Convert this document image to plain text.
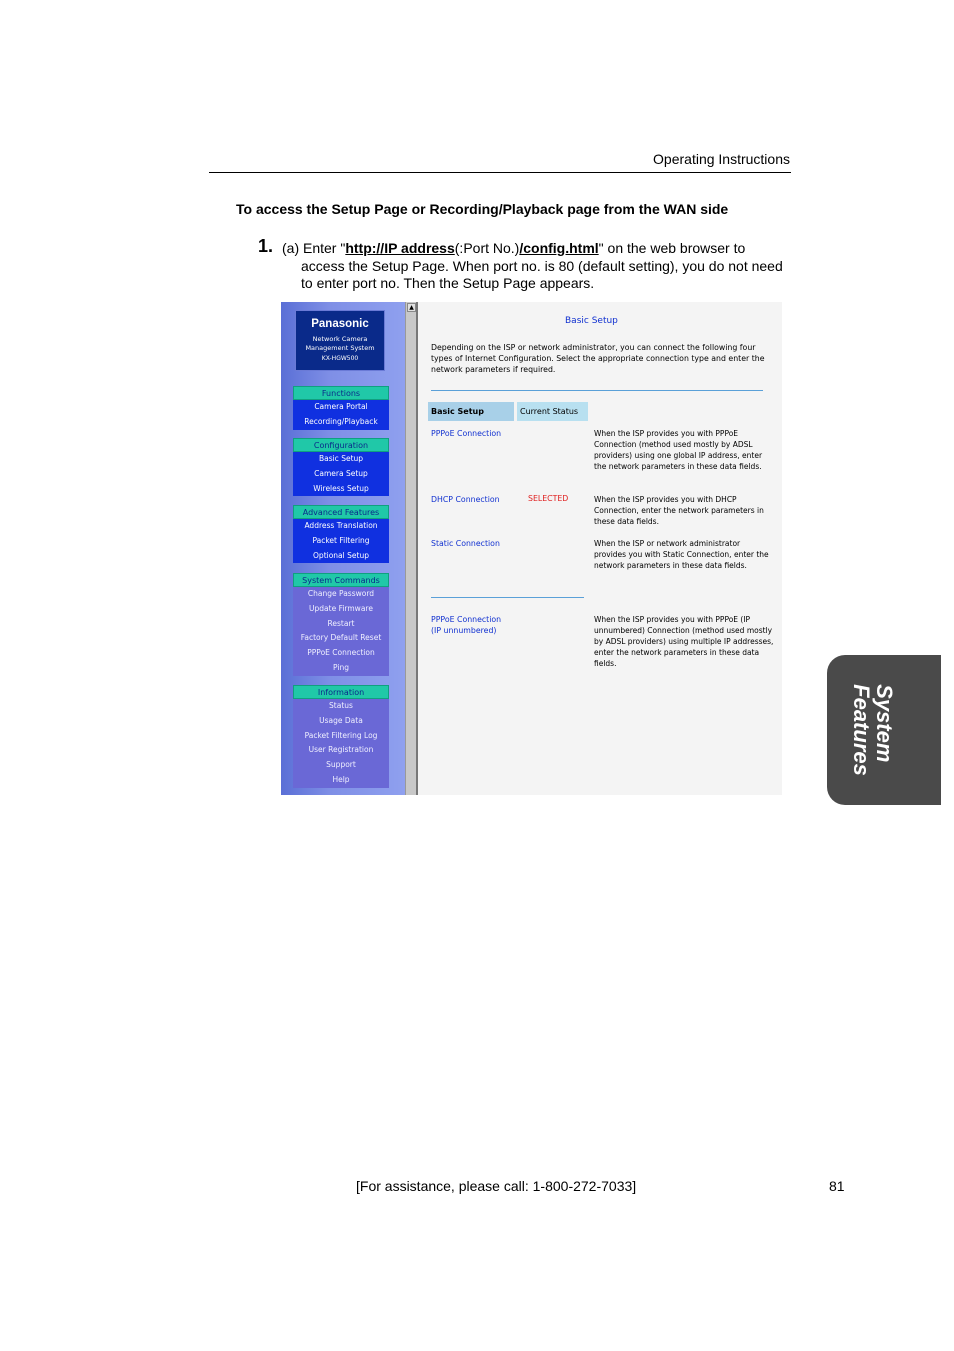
Operating Instructions
To access the Setup Page or Recording/Playback page from the WAN side
1. (a) Enter "http://IP address(:Port No.)/config.html" on the web browser to
access the Setup Page. When port no. is 80 (default setting), you do not need
to enter port no. Then the Setup Page appears.
Panasonic
Network Camera
Management System
KX-HGW500
Functions
Camera Portal
Recording/Playback
Configuration
Basic Setup
Camera Setup
Wireless Setup
Advanced Features
Address Translation
Packet Filtering
Optional Setup
System Commands
Change Password
Update Firmware
Restart
Factory Default Reset
PPPoE Connection
Ping
Information
Status
Usage Data
Packet Filtering Log
User Registration
Support
Help
▲
Basic Setup
Depending on the ISP or network administrator, you can connect the following four types of Internet Configuration. Select the appropriate connection type and enter the network parameters if required.
Basic Setup	Current Status
PPPoE Connection	When the ISP provides you with PPPoE Connection (method used mostly by ADSL providers) using one global IP address, enter the network parameters in these data fields.
DHCP Connection	SELECTED	When the ISP provides you with DHCP Connection, enter the network parameters in these data fields.
Static Connection	When the ISP or network administrator provides you with Static Connection, enter the network parameters in these data fields.
PPPoE Connection
(IP unnumbered)
When the ISP provides you with PPPoE (IP unnumbered) Connection (method used mostly by ADSL providers) using multiple IP addresses, enter the network parameters in these data fields.
System
Features
[For assistance, please call: 1-800-272-7033]	81
